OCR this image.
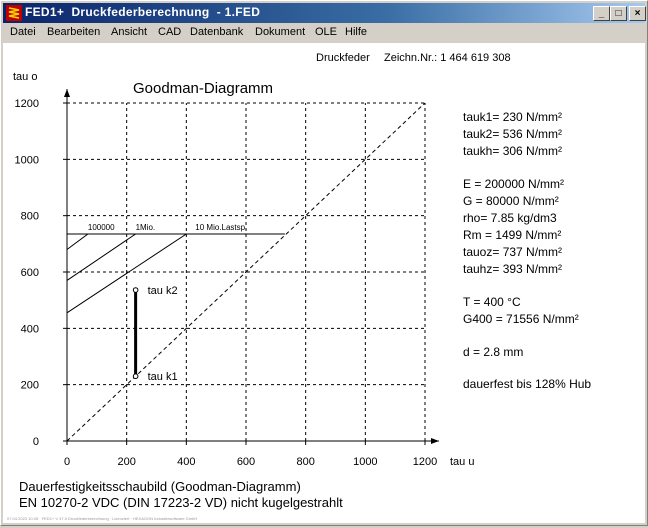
FED1+  Druckfederberechnung  - 1.FED	_	□	×
Datei Bearbeiten Ansicht CAD Datenbank Dokument OLE Hilfe
Druckfeder Zeichn.Nr.: 1 464 619 308
Goodman-Diagramm
tau o
tau u
0	200	400	600	800	1000	1200
0
200
400
600
800
1000
1200
100000	1Mio.	10 Mio.Lastsp.
tau k1
tau k2
tauk1= 230 N/mm²
tauk2= 536 N/mm²
taukh= 306 N/mm²
E = 200000 N/mm²
G = 80000 N/mm²
rho= 7.85 kg/dm3
Rm = 1499 N/mm²
tauoz= 737 N/mm²
tauhz= 393 N/mm²
T = 400 °C
G400 = 71556 N/mm²
d = 2.8 mm
dauerfest bis 128% Hub
Dauerfestigkeitsschaubild (Goodman-Diagramm)
EN 10270-2 VDC (DIN 17223-2 VD) nicht kugelgestrahlt
07.04.2023 10:28 · FED1+ V 37.0 Druckfederberechnung · Lizenziert · HEXAGON Industriesoftware GmbH
